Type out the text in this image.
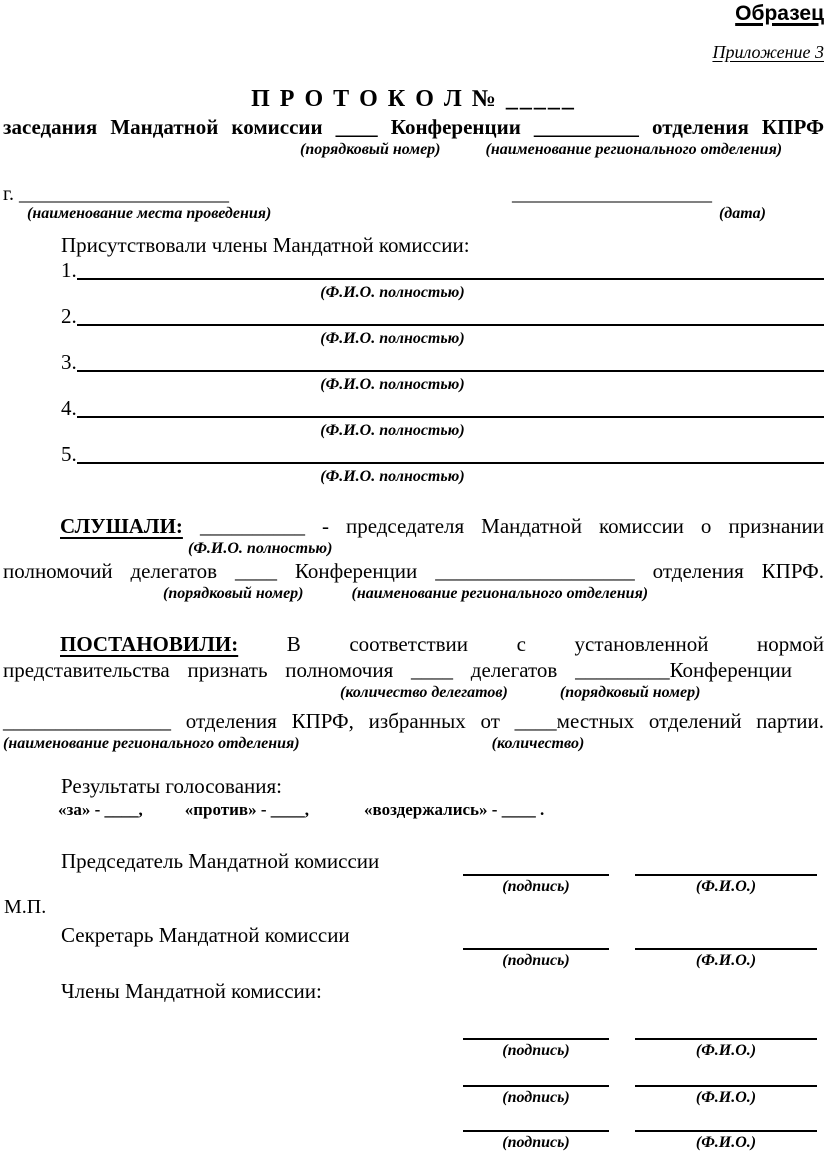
Образец
Приложение 3
П Р О Т О К О Л № _____
заседания Мандатной комиссии ____ Конференции __________ отделения КПРФ
(порядковый номер)	(наименование регионального отделения)
г. _____________________	____________________
(наименование места проведения)	(дата)
Присутствовали члены Мандатной комиссии:
1.
(Ф.И.О. полностью)
2.
(Ф.И.О. полностью)
3.
(Ф.И.О. полностью)
4.
(Ф.И.О. полностью)
5.
(Ф.И.О. полностью)
СЛУШАЛИ: __________ - председателя Мандатной комиссии о признании
(Ф.И.О. полностью)
полномочий делегатов ____ Конференции ___________________ отделения КПРФ.
(порядковый номер)	(наименование регионального отделения)
ПОСТАНОВИЛИ: В соответствии с установленной нормой
представительства признать полномочия ____ делегатов _________Конференции
(количество делегатов)	(порядковый номер)
________________ отделения КПРФ, избранных от ____местных отделений партии.
(наименование регионального отделения)	(количество)
Результаты голосования:
«за» - ____, «против» - ____,	«воздержались» - ____ .
Председатель Мандатной комиссии
(подпись)	(Ф.И.О.)
М.П.
Секретарь Мандатной комиссии
(подпись)	(Ф.И.О.)
Члены Мандатной комиссии:
(подпись)	(Ф.И.О.)
(подпись)	(Ф.И.О.)
(подпись)	(Ф.И.О.)
